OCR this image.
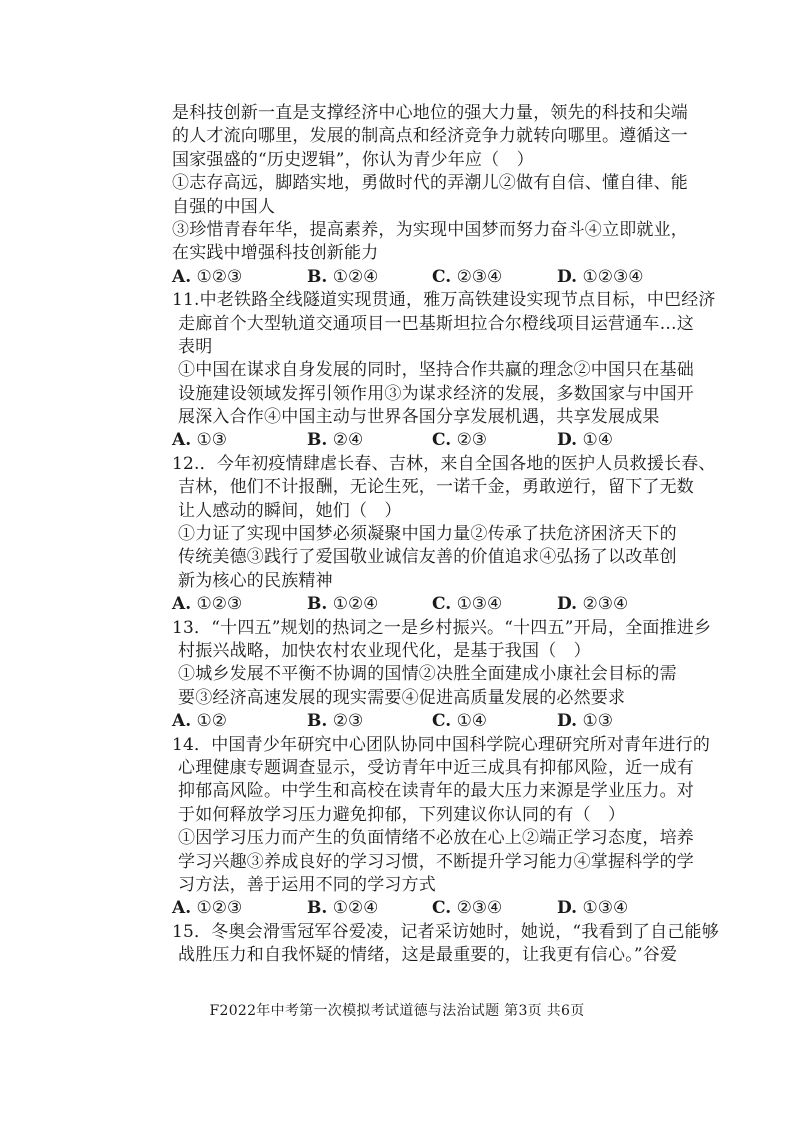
是科技创新一直是支撑经济中心地位的强大力量，领先的科技和尖端
的人才流向哪里，发展的制高点和经济竞争力就转向哪里。遵循这一
国家强盛的“历史逻辑”，你认为青少年应（　）
①志存高远，脚踏实地，勇做时代的弄潮儿②做有自信、懂自律、能
自强的中国人
③珍惜青春年华，提高素养，为实现中国梦而努力奋斗④立即就业，
在实践中增强科技创新能力
A. ①②③	B. ①②④	C. ②③④	D. ①②③④
11.中老铁路全线隧道实现贯通，雅万高铁建设实现节点目标，中巴经济
走廊首个大型轨道交通项目一巴基斯坦拉合尔橙线项目运营通车…这
表明
①中国在谋求自身发展的同时，坚持合作共赢的理念②中国只在基础
设施建设领域发挥引领作用③为谋求经济的发展，多数国家与中国开
展深入合作④中国主动与世界各国分享发展机遇，共享发展成果
A. ①③	B. ②④	C. ②③	D. ①④
12.．今年初疫情肆虐长春、吉林，来自全国各地的医护人员救援长春、
吉林，他们不计报酬，无论生死，一诺千金，勇敢逆行，留下了无数
让人感动的瞬间，她们（　）
①力证了实现中国梦必须凝聚中国力量②传承了扶危济困济天下的
传统美德③践行了爱国敬业诚信友善的价值追求④弘扬了以改革创
新为核心的民族精神
A. ①②③	B. ①②④	C. ①③④	D. ②③④
13．“十四五”规划的热词之一是乡村振兴。“十四五”开局，全面推进乡
村振兴战略，加快农村农业现代化，是基于我国（　）
①城乡发展不平衡不协调的国情②决胜全面建成小康社会目标的需
要③经济高速发展的现实需要④促进高质量发展的必然要求
A. ①②	B. ②③	C. ①④	D. ①③
14．中国青少年研究中心团队协同中国科学院心理研究所对青年进行的
心理健康专题调查显示，受访青年中近三成具有抑郁风险，近一成有
抑郁高风险。中学生和高校在读青年的最大压力来源是学业压力。对
于如何释放学习压力避免抑郁，下列建议你认同的有（　）
①因学习压力而产生的负面情绪不必放在心上②端正学习态度，培养
学习兴趣③养成良好的学习习惯，不断提升学习能力④掌握科学的学
习方法，善于运用不同的学习方式
A. ①②③	B. ①②④	C. ②③④	D. ①③④
15．冬奥会滑雪冠军谷爱凌，记者采访她时，她说，“我看到了自己能够
战胜压力和自我怀疑的情绪，这是最重要的，让我更有信心。”谷爱
F2022年中考第一次模拟考试道德与法治试题 第3页 共6页
